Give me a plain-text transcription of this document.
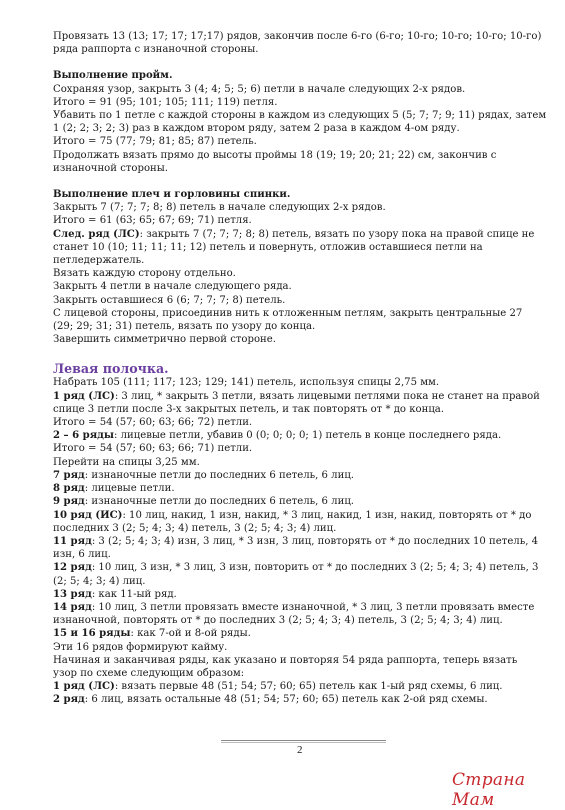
Провязать 13 (13; 17; 17; 17;17) рядов, закончив после 6-го (6-го; 10-го; 10-го; 10-го; 10-го)
ряда раппорта с изнаночной стороны.
Выполнение пройм.
Сохраняя узор, закрыть 3 (4; 4; 5; 5; 6) петли в начале следующих 2-х рядов.
Итого = 91 (95; 101; 105; 111; 119) петля.
Убавить по 1 петле с каждой стороны в каждом из следующих 5 (5; 7; 7; 9; 11) рядах, затем
1 (2; 2; 3; 2; 3) раз в каждом втором ряду, затем 2 раза в каждом 4-ом ряду.
Итого = 75 (77; 79; 81; 85; 87) петель.
Продолжать вязать прямо до высоты проймы 18 (19; 19; 20; 21; 22) см, закончив с
изнаночной стороны.
Выполнение плеч и горловины спинки.
Закрыть 7 (7; 7; 7; 8; 8) петель в начале следующих 2-х рядов.
Итого = 61 (63; 65; 67; 69; 71) петля.
След. ряд (ЛС): закрыть 7 (7; 7; 7; 8; 8) петель, вязать по узору пока на правой спице не
станет 10 (10; 11; 11; 11; 12) петель и повернуть, отложив оставшиеся петли на
петледержатель.
Вязать каждую сторону отдельно.
Закрыть 4 петли в начале следующего ряда.
Закрыть оставшиеся 6 (6; 7; 7; 7; 8) петель.
С лицевой стороны, присоединив нить к отложенным петлям, закрыть центральные 27
(29; 29; 31; 31) петель, вязать по узору до конца.
Завершить симметрично первой стороне.
Левая полочка.
Набрать 105 (111; 117; 123; 129; 141) петель, используя спицы 2,75 мм.
1 ряд (ЛС): 3 лиц, * закрыть 3 петли, вязать лицевыми петлями пока не станет на правой
спице 3 петли после 3-х закрытых петель, и так повторять от * до конца.
Итого = 54 (57; 60; 63; 66; 72) петли.
2 – 6 ряды: лицевые петли, убавив 0 (0; 0; 0; 0; 1) петель в конце последнего ряда.
Итого = 54 (57; 60; 63; 66; 71) петли.
Перейти на спицы 3,25 мм.
7 ряд: изнаночные петли до последних 6 петель, 6 лиц.
8 ряд: лицевые петли.
9 ряд: изнаночные петли до последних 6 петель, 6 лиц.
10 ряд (ИС): 10 лиц, накид, 1 изн, накид, * 3 лиц, накид, 1 изн, накид, повторять от * до
последних 3 (2; 5; 4; 3; 4) петель, 3 (2; 5; 4; 3; 4) лиц.
11 ряд: 3 (2; 5; 4; 3; 4) изн, 3 лиц, * 3 изн, 3 лиц, повторять от * до последних 10 петель, 4
изн, 6 лиц.
12 ряд: 10 лиц, 3 изн, * 3 лиц, 3 изн, повторить от * до последних 3 (2; 5; 4; 3; 4) петель, 3
(2; 5; 4; 3; 4) лиц.
13 ряд: как 11-ый ряд.
14 ряд: 10 лиц, 3 петли провязать вместе изнаночной, * 3 лиц, 3 петли провязать вместе
изнаночной, повторять от * до последних 3 (2; 5; 4; 3; 4) петель, 3 (2; 5; 4; 3; 4) лиц.
15 и 16 ряды: как 7-ой и 8-ой ряды.
Эти 16 рядов формируют кайму.
Начиная и заканчивая ряды, как указано и повторяя 54 ряда раппорта, теперь вязать
узор по схеме следующим образом:
1 ряд (ЛС): вязать первые 48 (51; 54; 57; 60; 65) петель как 1-ый ряд схемы, 6 лиц.
2 ряд: 6 лиц, вязать остальные 48 (51; 54; 57; 60; 65) петель как 2-ой ряд схемы.
2
Страна Мам
